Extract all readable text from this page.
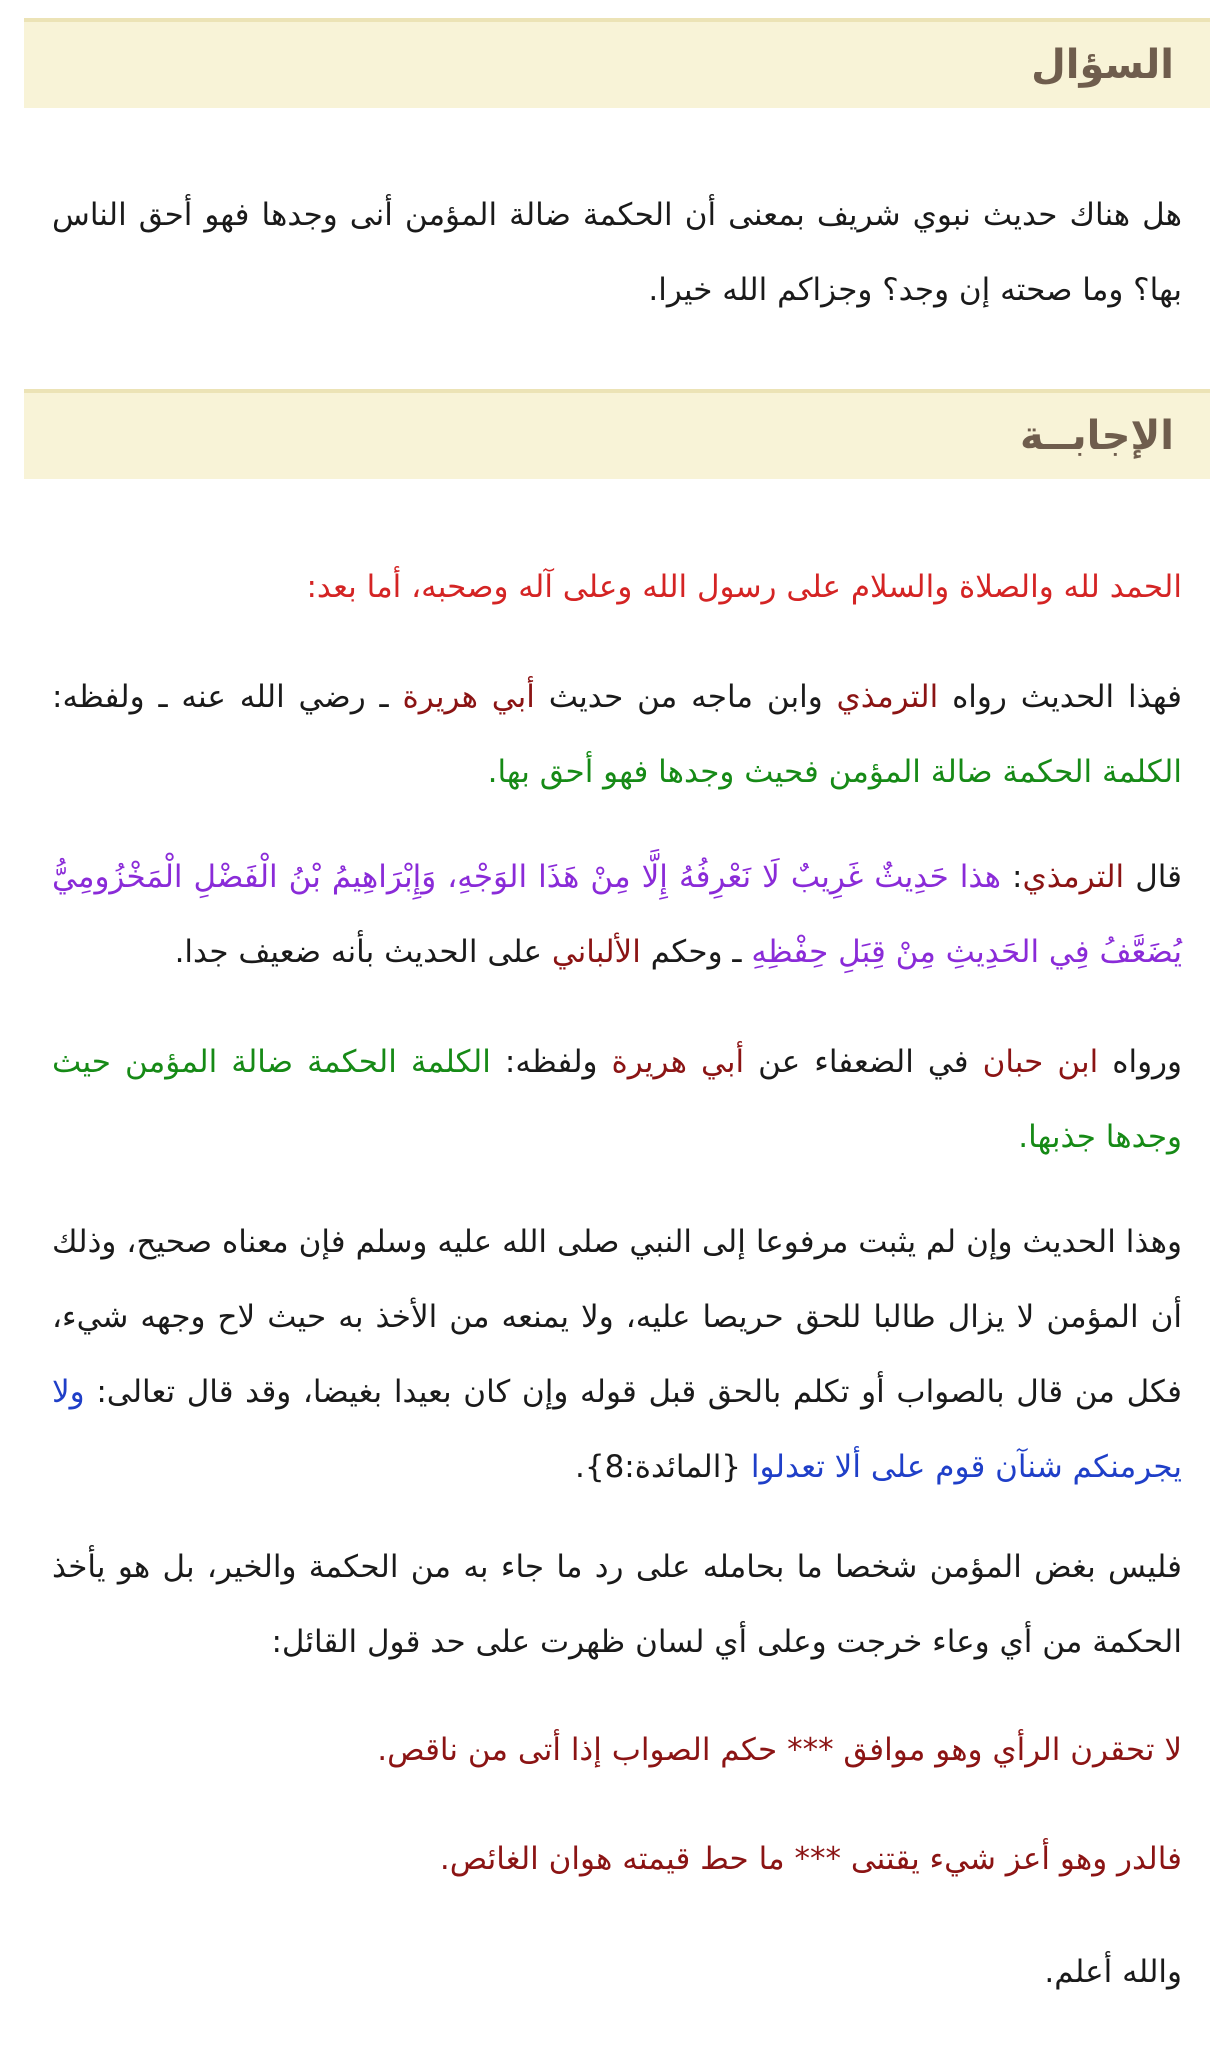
السؤال
هل هناك حديث نبوي شريف بمعنى أن الحكمة ضالة المؤمن أنى وجدها فهو أحق الناس بها؟ وما صحته إن وجد؟ وجزاكم الله خيرا.
الإجابــة
الحمد لله والصلاة والسلام على رسول الله وعلى آله وصحبه، أما بعد:
فهذا الحديث رواه الترمذي وابن ماجه من حديث أبي هريرة ـ رضي الله عنه ـ ولفظه: الكلمة الحكمة ضالة المؤمن فحيث وجدها فهو أحق بها.
قال الترمذي: هذا حَدِيثٌ غَرِيبٌ لَا نَعْرِفُهُ إِلَّا مِنْ هَذَا الوَجْهِ، وَإِبْرَاهِيمُ بْنُ الْفَضْلِ الْمَخْزُومِيُّ يُضَعَّفُ فِي الحَدِيثِ مِنْ قِبَلِ حِفْظِهِ ـ وحكم الألباني على الحديث بأنه ضعيف جدا.
ورواه ابن حبان في الضعفاء عن أبي هريرة ولفظه: الكلمة الحكمة ضالة المؤمن حيث وجدها جذبها.
وهذا الحديث وإن لم يثبت مرفوعا إلى النبي صلى الله عليه وسلم فإن معناه صحيح، وذلك أن المؤمن لا يزال طالبا للحق حريصا عليه، ولا يمنعه من الأخذ به حيث لاح وجهه شيء، فكل من قال بالصواب أو تكلم بالحق قبل قوله وإن كان بعيدا بغيضا، وقد قال تعالى: ولا يجرمنكم شنآن قوم على ألا تعدلوا {المائدة:8}.
فليس بغض المؤمن شخصا ما بحامله على رد ما جاء به من الحكمة والخير، بل هو يأخذ الحكمة من أي وعاء خرجت وعلى أي لسان ظهرت على حد قول القائل:
لا تحقرن الرأي وهو موافق *** حكم الصواب إذا أتى من ناقص.
فالدر وهو أعز شيء يقتنى *** ما حط قيمته هوان الغائص.
والله أعلم.
